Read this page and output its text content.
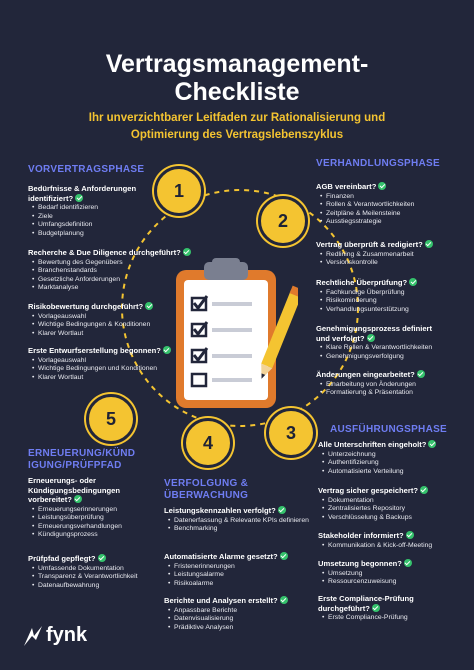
Vertragsmanagement-
Checkliste
Ihr unverzichtbarer Leitfaden zur Rationalisierung und
Optimierung des Vertragslebenszyklus
1
2
3
4
5
VORVERTRAGSPHASE
Bedürfnisse & Anforderungen
identifiziert?
• Bedarf identifizieren
• Ziele
• Umfangsdefinition
• Budgetplanung
Recherche & Due Diligence durchgeführt?
• Bewertung des Gegenübers
• Branchenstandards
• Gesetzliche Anforderungen
• Marktanalyse
Risikobewertung durchgeführt?
• Vorlageauswahl
• Wichtige Bedingungen & Konditionen
• Klarer Wortlaut
Erste Entwurfserstellung begonnen?
• Vorlageauswahl
• Wichtige Bedingungen und Konditionen
• Klarer Wortlaut
VERHANDLUNGSPHASE
AGB vereinbart?
• Finanzen
• Rollen & Verantwortlichkeiten
• Zeitpläne & Meilensteine
• Ausstiegsstrategie
Vertrag überprüft & redigiert?
• Redlining & Zusammenarbeit
• Versionskontrolle
Rechtliche Überprüfung?
• Fachkundige Überprüfung
• Risikominderung
• Verhandlungsunterstützung
Genehmigungsprozess definiert
und verfolgt?
• Klare Rollen & Verantwortlichkeiten
• Genehmigungsverfolgung
Änderungen eingearbeitet?
• Einarbeitung von Änderungen
• Formatierung & Präsentation
AUSFÜHRUNGSPHASE
Alle Unterschriften eingeholt?
• Unterzeichnung
• Authentifizierung
• Automatisierte Verteilung
Vertrag sicher gespeichert?
• Dokumentation
• Zentralisiertes Repository
• Verschlüsselung & Backups
Stakeholder informiert?
• Kommunikation & Kick-off-Meeting
Umsetzung begonnen?
• Umsetzung
• Ressourcenzuweisung
Erste Compliance-Prüfung
durchgeführt?
• Erste Compliance-Prüfung
VERFOLGUNG &
ÜBERWACHUNG
Leistungskennzahlen verfolgt?
• Datenerfassung & Relevante KPIs definieren
• Benchmarking
Automatisierte Alarme gesetzt?
• Fristenerinnerungen
• Leistungsalarme
• Risikoalarme
Berichte und Analysen erstellt?
• Anpassbare Berichte
• Datenvisualisierung
• Prädiktive Analysen
ERNEUERUNG/KÜND
IGUNG/PRÜFPFAD
Erneuerungs- oder
Kündigungsbedingungen
vorbereitet?
• Erneuerungserinnerungen
• Leistungsüberprüfung
• Erneuerungsverhandlungen
• Kündigungsprozess
Prüfpfad gepflegt?
• Umfassende Dokumentation
• Transparenz & Verantwortlichkeit
• Datenaufbewahrung
fynk
